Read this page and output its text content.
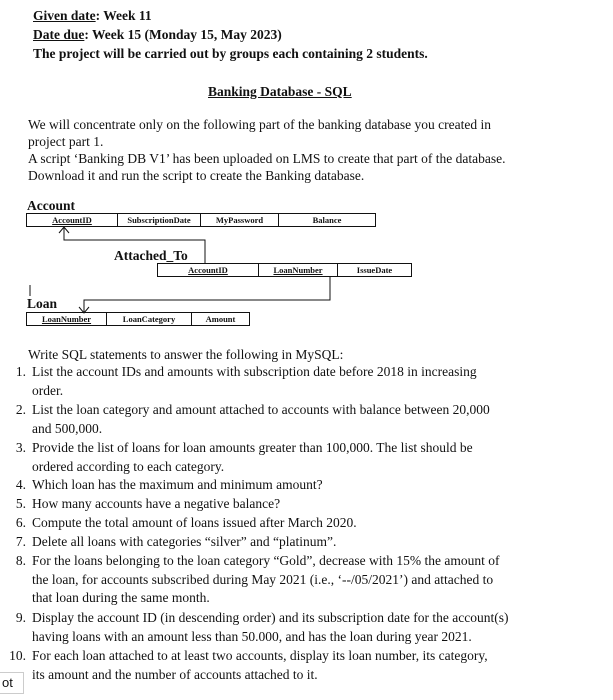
Given date: Week 11
Date due: Week 15 (Monday 15, May 2023)
The project will be carried out by groups each containing 2 students.
Banking Database - SQL
We will concentrate only on the following part of the banking database you created in
project part 1.
A script ‘Banking DB V1’ has been uploaded on LMS to create that part of the database.
Download it and run the script to create the Banking database.
Account
AccountID	SubscriptionDate	MyPassword	Balance
Attached_To
AccountID	LoanNumber	IssueDate
Loan
LoanNumber	LoanCategory	Amount
Write SQL statements to answer the following in MySQL:
1. List the account IDs and amounts with subscription date before 2018 in increasing
order.
2. List the loan category and amount attached to accounts with balance between 20,000
and 500,000.
3. Provide the list of loans for loan amounts greater than 100,000. The list should be
ordered according to each category.
4. Which loan has the maximum and minimum amount?
5. How many accounts have a negative balance?
6. Compute the total amount of loans issued after March 2020.
7. Delete all loans with categories “silver” and “platinum”.
8. For the loans belonging to the loan category “Gold”, decrease with 15% the amount of
the loan, for accounts subscribed during May 2021 (i.e., ‘--/05/2021’) and attached to
that loan during the same month.
9. Display the account ID (in descending order) and its subscription date for the account(s)
having loans with an amount less than 50.000, and has the loan during year 2021.
10. For each loan attached to at least two accounts, display its loan number, its category,
its amount and the number of accounts attached to it.
ot
